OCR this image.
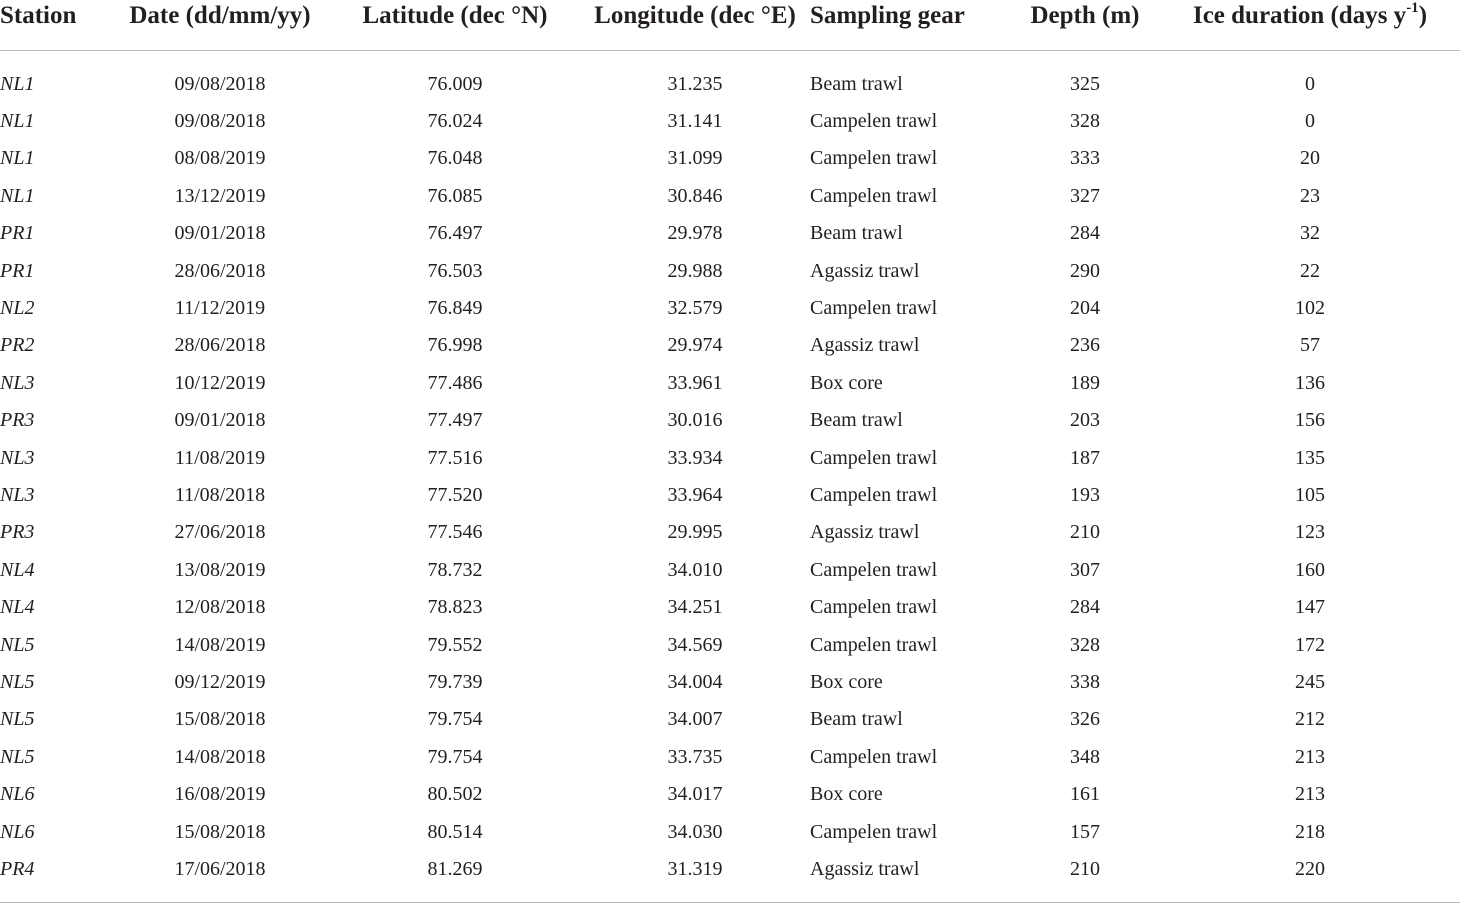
Station	Date (dd/mm/yy)	Latitude (dec °N)	Longitude (dec °E)	Sampling gear	Depth (m)	Ice duration (days $y^{-1}$)
NL1	09/08/2018	76.009	31.235	Beam trawl	325	0
NL1	09/08/2018	76.024	31.141	Campelen trawl	328	0
NL1	08/08/2019	76.048	31.099	Campelen trawl	333	20
NL1	13/12/2019	76.085	30.846	Campelen trawl	327	23
PR1	09/01/2018	76.497	29.978	Beam trawl	284	32
PR1	28/06/2018	76.503	29.988	Agassiz trawl	290	22
NL2	11/12/2019	76.849	32.579	Campelen trawl	204	102
PR2	28/06/2018	76.998	29.974	Agassiz trawl	236	57
NL3	10/12/2019	77.486	33.961	Box core	189	136
PR3	09/01/2018	77.497	30.016	Beam trawl	203	156
NL3	11/08/2019	77.516	33.934	Campelen trawl	187	135
NL3	11/08/2018	77.520	33.964	Campelen trawl	193	105
PR3	27/06/2018	77.546	29.995	Agassiz trawl	210	123
NL4	13/08/2019	78.732	34.010	Campelen trawl	307	160
NL4	12/08/2018	78.823	34.251	Campelen trawl	284	147
NL5	14/08/2019	79.552	34.569	Campelen trawl	328	172
NL5	09/12/2019	79.739	34.004	Box core	338	245
NL5	15/08/2018	79.754	34.007	Beam trawl	326	212
NL5	14/08/2018	79.754	33.735	Campelen trawl	348	213
NL6	16/08/2019	80.502	34.017	Box core	161	213
NL6	15/08/2018	80.514	34.030	Campelen trawl	157	218
PR4	17/06/2018	81.269	31.319	Agassiz trawl	210	220
